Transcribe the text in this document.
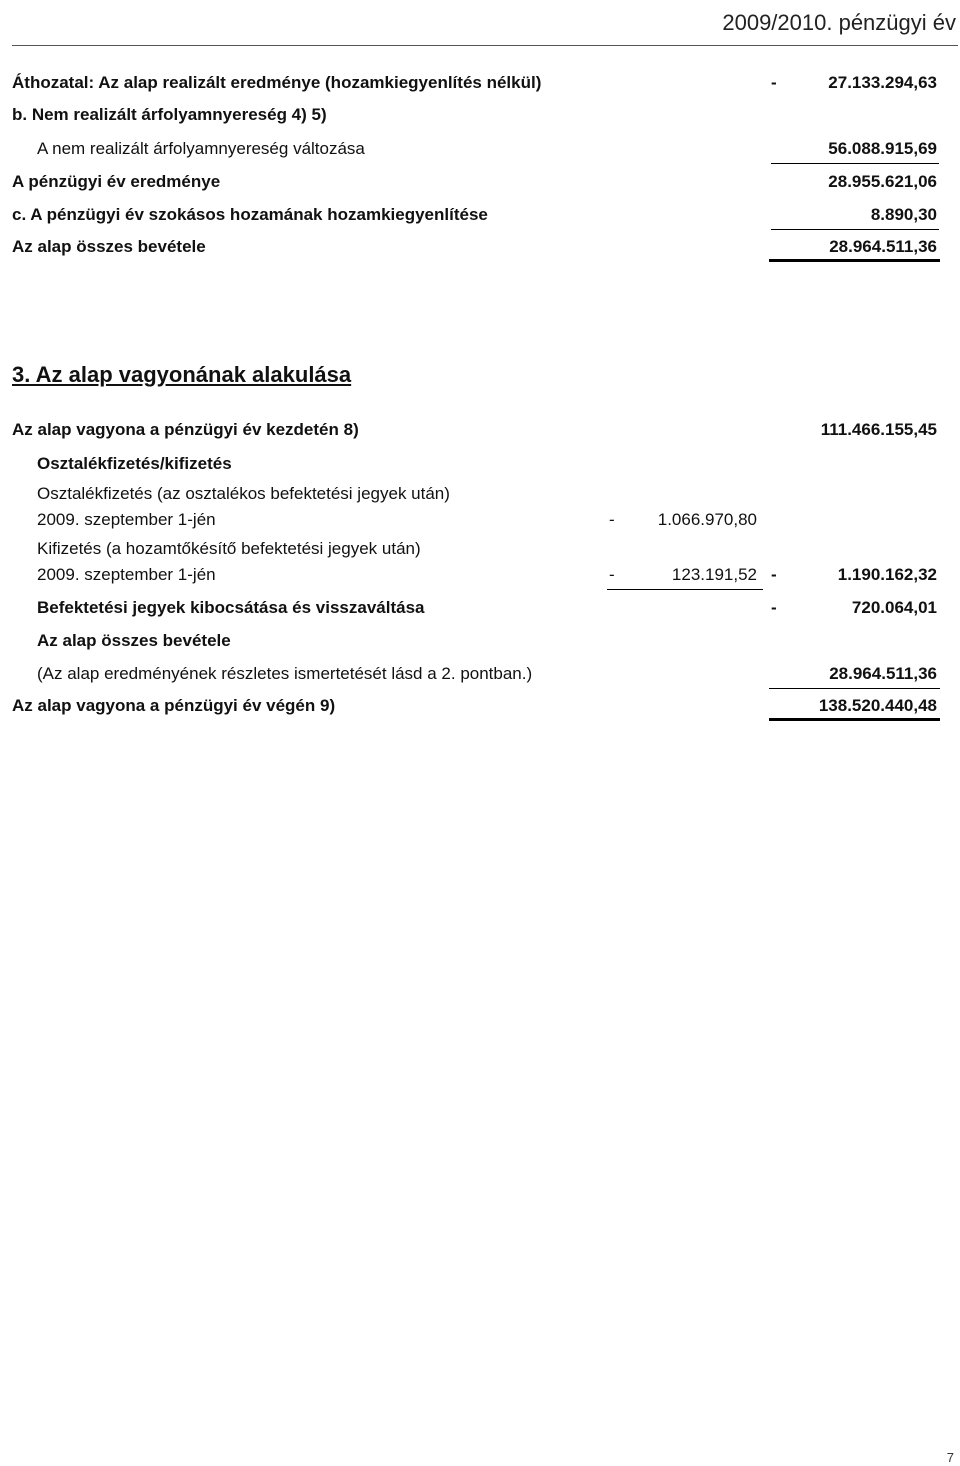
2009/2010. pénzügyi év
Áthozatal: Az alap realizált eredménye (hozamkiegyenlítés nélkül)	-	27.133.294,63
b. Nem realizált árfolyamnyereség 4) 5)
A nem realizált árfolyamnyereség változása	56.088.915,69
A pénzügyi év eredménye	28.955.621,06
c. A pénzügyi év szokásos hozamának hozamkiegyenlítése	8.890,30
Az alap összes bevétele	28.964.511,36
3. Az alap vagyonának alakulása
Az alap vagyona a pénzügyi év kezdetén 8)	111.466.155,45
Osztalékfizetés/kifizetés
Osztalékfizetés (az osztalékos befektetési jegyek után)
2009. szeptember 1-jén	-	1.066.970,80
Kifizetés (a hozamtőkésítő befektetési jegyek után)
2009. szeptember 1-jén	-	123.191,52 -	1.190.162,32
Befektetési jegyek kibocsátása és visszaváltása	-	720.064,01
Az alap összes bevétele
(Az alap eredményének részletes ismertetését lásd a 2. pontban.)	28.964.511,36
Az alap vagyona a pénzügyi év végén 9)	138.520.440,48
7
